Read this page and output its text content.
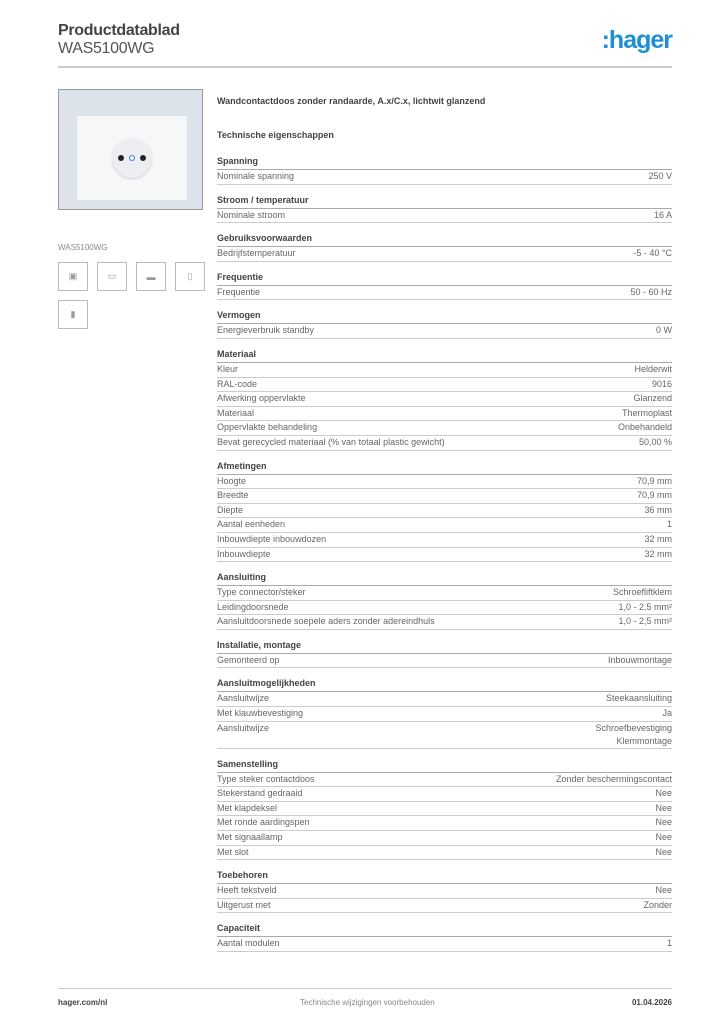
Productdatablad
WAS5100WG	:hager
WAS5100WG
▣	▭	▬	▯
▮
Wandcontactdoos zonder randaarde, A.x/C.x, lichtwit glanzend
Technische eigenschappen
Spanning
Nominale spanning	250 V
Stroom / temperatuur
Nominale stroom	16 A
Gebruiksvoorwaarden
Bedrijfstemperatuur	-5 - 40 °C
Frequentie
Frequentie	50 - 60 Hz
Vermogen
Energieverbruik standby	0 W
Materiaal
Kleur	Helderwit
RAL-code	9016
Afwerking oppervlakte	Glanzend
Materiaal	Thermoplast
Oppervlakte behandeling	Onbehandeld
Bevat gerecycled materiaal (% van totaal plastic gewicht)	50,00 %
Afmetingen
Hoogte	70,9 mm
Breedte	70,9 mm
Diepte	36 mm
Aantal eenheden	1
Inbouwdiepte inbouwdozen	32 mm
Inbouwdiepte	32 mm
Aansluiting
Type connector/steker	Schroefliftklem
Leidingdoorsnede	1,0 - 2,5 mm²
Aansluitdoorsnede soepele aders zonder adereindhuls	1,0 - 2,5 mm²
Installatie, montage
Gemonteerd op	Inbouwmontage
Aansluitmogelijkheden
Aansluitwijze	Steekaansluiting
Met klauwbevestiging	Ja
Aansluitwijze	Schroefbevestiging
Klemmontage
Samenstelling
Type steker contactdoos	Zonder beschermingscontact
Stekerstand gedraaid	Nee
Met klapdeksel	Nee
Met ronde aardingspen	Nee
Met signaallamp	Nee
Met slot	Nee
Toebehoren
Heeft tekstveld	Nee
Uitgerust met	Zonder
Capaciteit
Aantal modulen	1
hager.com/nl	Technische wijzigingen voorbehouden	01.04.2026
